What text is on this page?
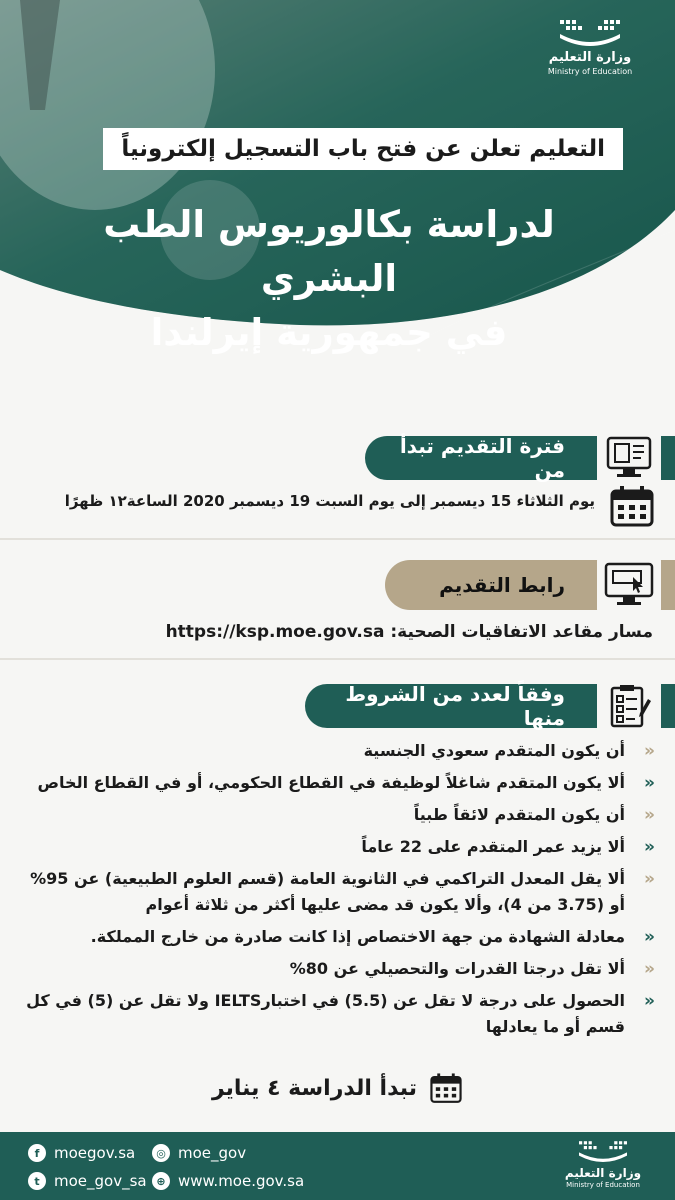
وزارة التعليم
Ministry of Education
التعليم تعلن عن فتح باب التسجيل إلكترونياً
لدراسة بكالوريوس الطب البشري
في جمهورية إيرلندا
فترة التقديم تبدأ من
يوم الثلاثاء 15 ديسمبر إلى يوم السبت 19 ديسمبر 2020 الساعة١٢ ظهرًا
رابط التقديم
مسار مقاعد الاتفاقيات الصحية: https://ksp.moe.gov.sa
وفقاً لعدد من الشروط منها
«
أن يكون المتقدم سعودي الجنسية
«
ألا يكون المتقدم شاغلاً لوظيفة في القطاع الحكومي، أو في القطاع الخاص
«
أن يكون المتقدم لائقاً طبياً
«
ألا يزيد عمر المتقدم على 22 عاماً
«
ألا يقل المعدل التراكمي في الثانوية العامة (قسم العلوم الطبيعية) عن 95% أو (3.75 من 4)، وألا يكون قد مضى عليها أكثر من ثلاثة أعوام
«
معادلة الشهادة من جهة الاختصاص إذا كانت صادرة من خارج المملكة.
«
ألا تقل درجتا القدرات والتحصيلي عن 80%
«
الحصول على درجة لا تقل عن (5.5) في اختبارIELTS ولا تقل عن (5) في كل قسم أو ما يعادلها
تبدأ الدراسة ٤ يناير
f moegov.sa	◎ moe_gov
t moe_gov_sa ⊕ www.moe.gov.sa	وزارة التعليم
Ministry of Education
